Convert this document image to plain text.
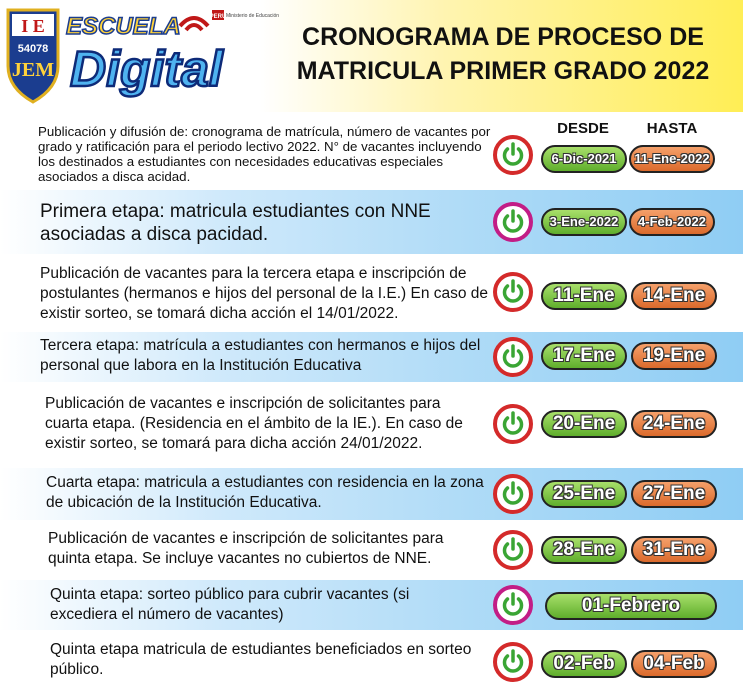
I E
54078
JEM
PERÚ Ministerio de Educación
ESCUELA
Digital

CRONOGRAMA DE PROCESO DE
MATRICULA PRIMER GRADO 2022

DESDE	HASTA

Publicación y difusión de: cronograma de matrícula, número de vacantes por grado y ratificación para el periodo lectivo 2022. N° de vacantes incluyendo los destinados a estudiantes con necesidades educativas especiales asociados a disca acidad.

6-Dic-2021	11-Ene-2022

Primera etapa: matricula estudiantes con NNE asociadas a disca pacidad.

3-Ene-2022	4-Feb-2022

Publicación de vacantes para la tercera etapa e inscripción de postulantes (hermanos e hijos del personal de la I.E.) En caso de existir sorteo, se tomará dicha acción el 14/01/2022.

11-Ene	14-Ene

Tercera etapa: matrícula a estudiantes con hermanos e hijos del personal que labora en la Institución Educativa	17-Ene	19-Ene

Publicación de vacantes e inscripción de solicitantes para cuarta etapa. (Residencia en el ámbito de la IE.). En caso de existir sorteo, se tomará para dicha acción 24/01/2022.

20-Ene	24-Ene

Cuarta etapa: matricula a estudiantes con residencia en la zona de ubicación de la Institución Educativa.	25-Ene	27-Ene

Publicación de vacantes e inscripción de solicitantes para quinta etapa. Se incluye vacantes no cubiertos de NNE.	28-Ene	31-Ene

Quinta etapa: sorteo público para cubrir vacantes (si excediera el número de vacantes)	01-Febrero

Quinta etapa matricula de estudiantes beneficiados en sorteo público.	02-Feb	04-Feb
